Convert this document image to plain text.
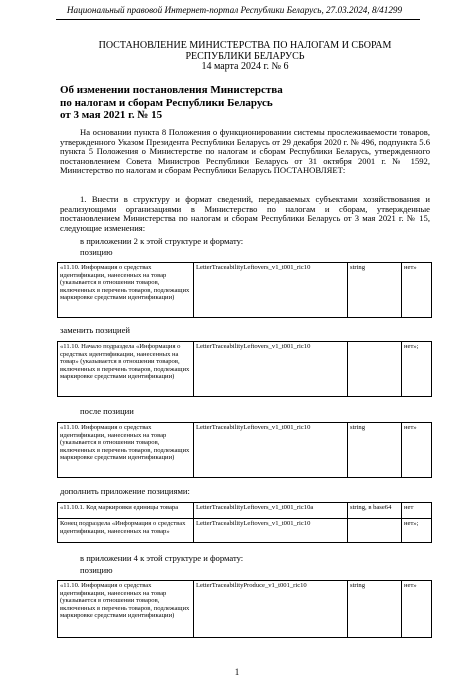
Национальный правовой Интернет-портал Республики Беларусь, 27.03.2024, 8/41299
ПОСТАНОВЛЕНИЕ МИНИСТЕРСТВА ПО НАЛОГАМ И СБОРАМ
РЕСПУБЛИКИ БЕЛАРУСЬ
14 марта 2024 г. № 6
Об изменении постановления Министерства
по налогам и сборам Республики Беларусь
от 3 мая 2021 г. № 15
На основании пункта 8 Положения о функционировании системы прослеживаемости товаров, утвержденного Указом Президента Республики Беларусь от 29 декабря 2020 г. № 496, подпункта 5.6 пункта 5 Положения о Министерстве по налогам и сборам Республики Беларусь, утвержденного постановлением Совета Министров Республики Беларусь от 31 октября 2001 г. № 1592, Министерство по налогам и сборам Республики Беларусь ПОСТАНОВЛЯЕТ:
1. Внести в структуру и формат сведений, передаваемых субъектами хозяйствования и реализующими организациями в Министерство по налогам и сборам, утвержденные постановлением Министерства по налогам и сборам Республики Беларусь от 3 мая 2021 г. № 15, следующие изменения:
в приложении 2 к этой структуре и формату:
позицию
«11.10. Информация о средствах идентификации, нанесенных на товар (указывается в отношении товаров, включенных в перечень товаров, подлежащих маркировке средствами идентификации)	LetterTraceabilityLeftovers_v1_t001_ric10	string	нет»
заменить позицией
«11.10. Начало подраздела «Информация о средствах идентификации, нанесенных на товар» (указывается в отношении товаров, включенных в перечень товаров, подлежащих маркировке средствами идентификации)	LetterTraceabilityLeftovers_v1_t001_ric10		нет»;
после позиции
«11.10. Информация о средствах идентификации, нанесенных на товар (указывается в отношении товаров, включенных в перечень товаров, подлежащих маркировке средствами идентификации)	LetterTraceabilityLeftovers_v1_t001_ric10	string	нет»
дополнить приложение позициями:
«11.10.1. Код маркировки единицы товара	LetterTraceabilityLeftovers_v1_t001_ric10a	string, в base64	нет
Конец подраздела «Информация о средствах идентификации, нанесенных на товар»	LetterTraceabilityLeftovers_v1_t001_ric10		нет»;
в приложении 4 к этой структуре и формату:
позицию
«11.10. Информация о средствах идентификации, нанесенных на товар (указывается в отношении товаров, включенных в перечень товаров, подлежащих маркировке средствами идентификации)	LetterTraceabilityProduce_v1_t001_ric10	string	нет»
1
